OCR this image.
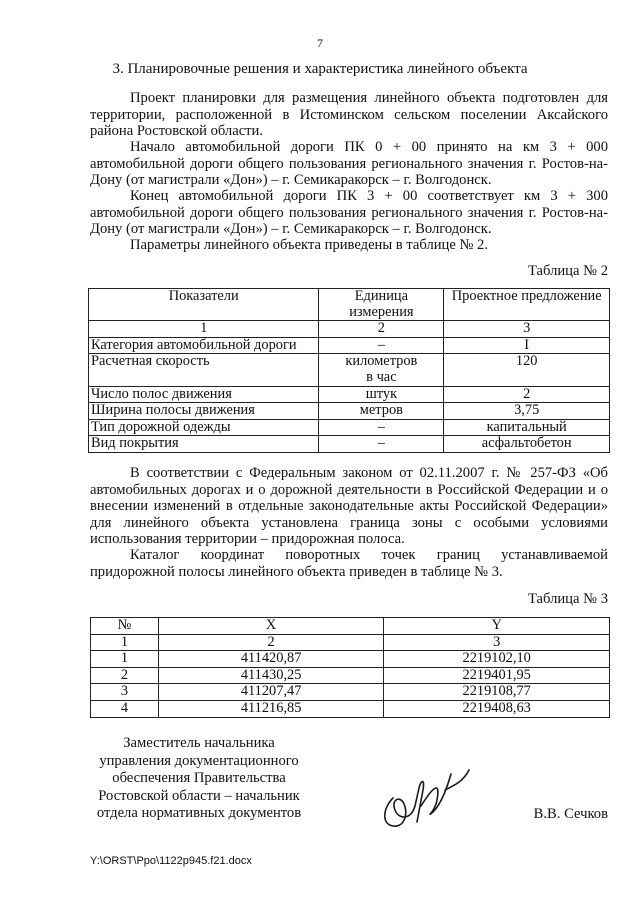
7
3. Планировочные решения и характеристика линейного объекта

Проект планировки для размещения линейного объекта подготовлен для территории, расположенной в Истоминском сельском поселении Аксайского района Ростовской области.

Начало автомобильной дороги ПК 0 + 00 принято на км 3 + 000 автомобильной дороги общего пользования регионального значения г. Ростов-на-Дону (от магистрали «Дон») – г. Семикаракорск – г. Волгодонск.

Конец автомобильной дороги ПК 3 + 00 соответствует км 3 + 300 автомобильной дороги общего пользования регионального значения г. Ростов-на-Дону (от магистрали «Дон») – г. Семикаракорск – г. Волгодонск.

Параметры линейного объекта приведены в таблице № 2.

Таблица № 2
Показатели	Единица измерения	Проектное предложение
1	2	3
Категория автомобильной дороги	–	I
Расчетная скорость	километров в час	120
Число полос движения	штук	2
Ширина полосы движения	метров	3,75
Тип дорожной одежды	–	капитальный
Вид покрытия	–	асфальтобетон

В соответствии с Федеральным законом от 02.11.2007 г. № 257-ФЗ «Об автомобильных дорогах и о дорожной деятельности в Российской Федерации и о внесении изменений в отдельные законодательные акты Российской Федерации» для линейного объекта установлена граница зоны с особыми условиями использования территории – придорожная полоса.

Каталог координат поворотных точек границ устанавливаемой придорожной полосы линейного объекта приведен в таблице № 3.

Таблица № 3
№	X	Y
1	2	3
1	411420,87	2219102,10
2	411430,25	2219401,95
3	411207,47	2219108,77
4	411216,85	2219408,63
Заместитель начальника
управления документационного
обеспечения Правительства
Ростовской области – начальник
отдела нормативных документов	В.В. Сечков
Y:\ORST\Ppo\1122p945.f21.docx
